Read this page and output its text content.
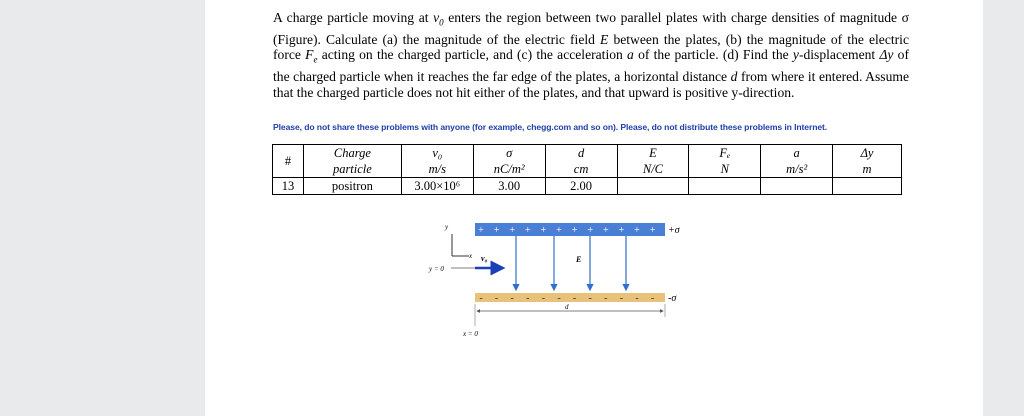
A charge particle moving at $v_0$ enters the region between two parallel plates with charge densities of magnitude σ (Figure). Calculate (a) the magnitude of the electric field E between the plates, (b) the magnitude of the electric force $F_e$ acting on the charged particle, and (c) the acceleration a of the particle. (d) Find the y-displacement Δy of the charged particle when it reaches the far edge of the plates, a horizontal distance d from where it entered. Assume that the charged particle does not hit either of the plates, and that upward is positive y-direction.
Please, do not share these problems with anyone (for example, chegg.com and so on). Please, do not distribute these problems in Internet.
#	Charge	v₀	σ	d	E	Fₑ	a	Δy
	particle	m/s	nC/m²	cm	N/C	N	m/s²	m
13	positron	3.00×10⁶	3.00	2.00				
+ + + + + + + + + + + + +σ
- - - - - - - - - - - - -σ
y
x
y = 0
v₀	E
d
x = 0
